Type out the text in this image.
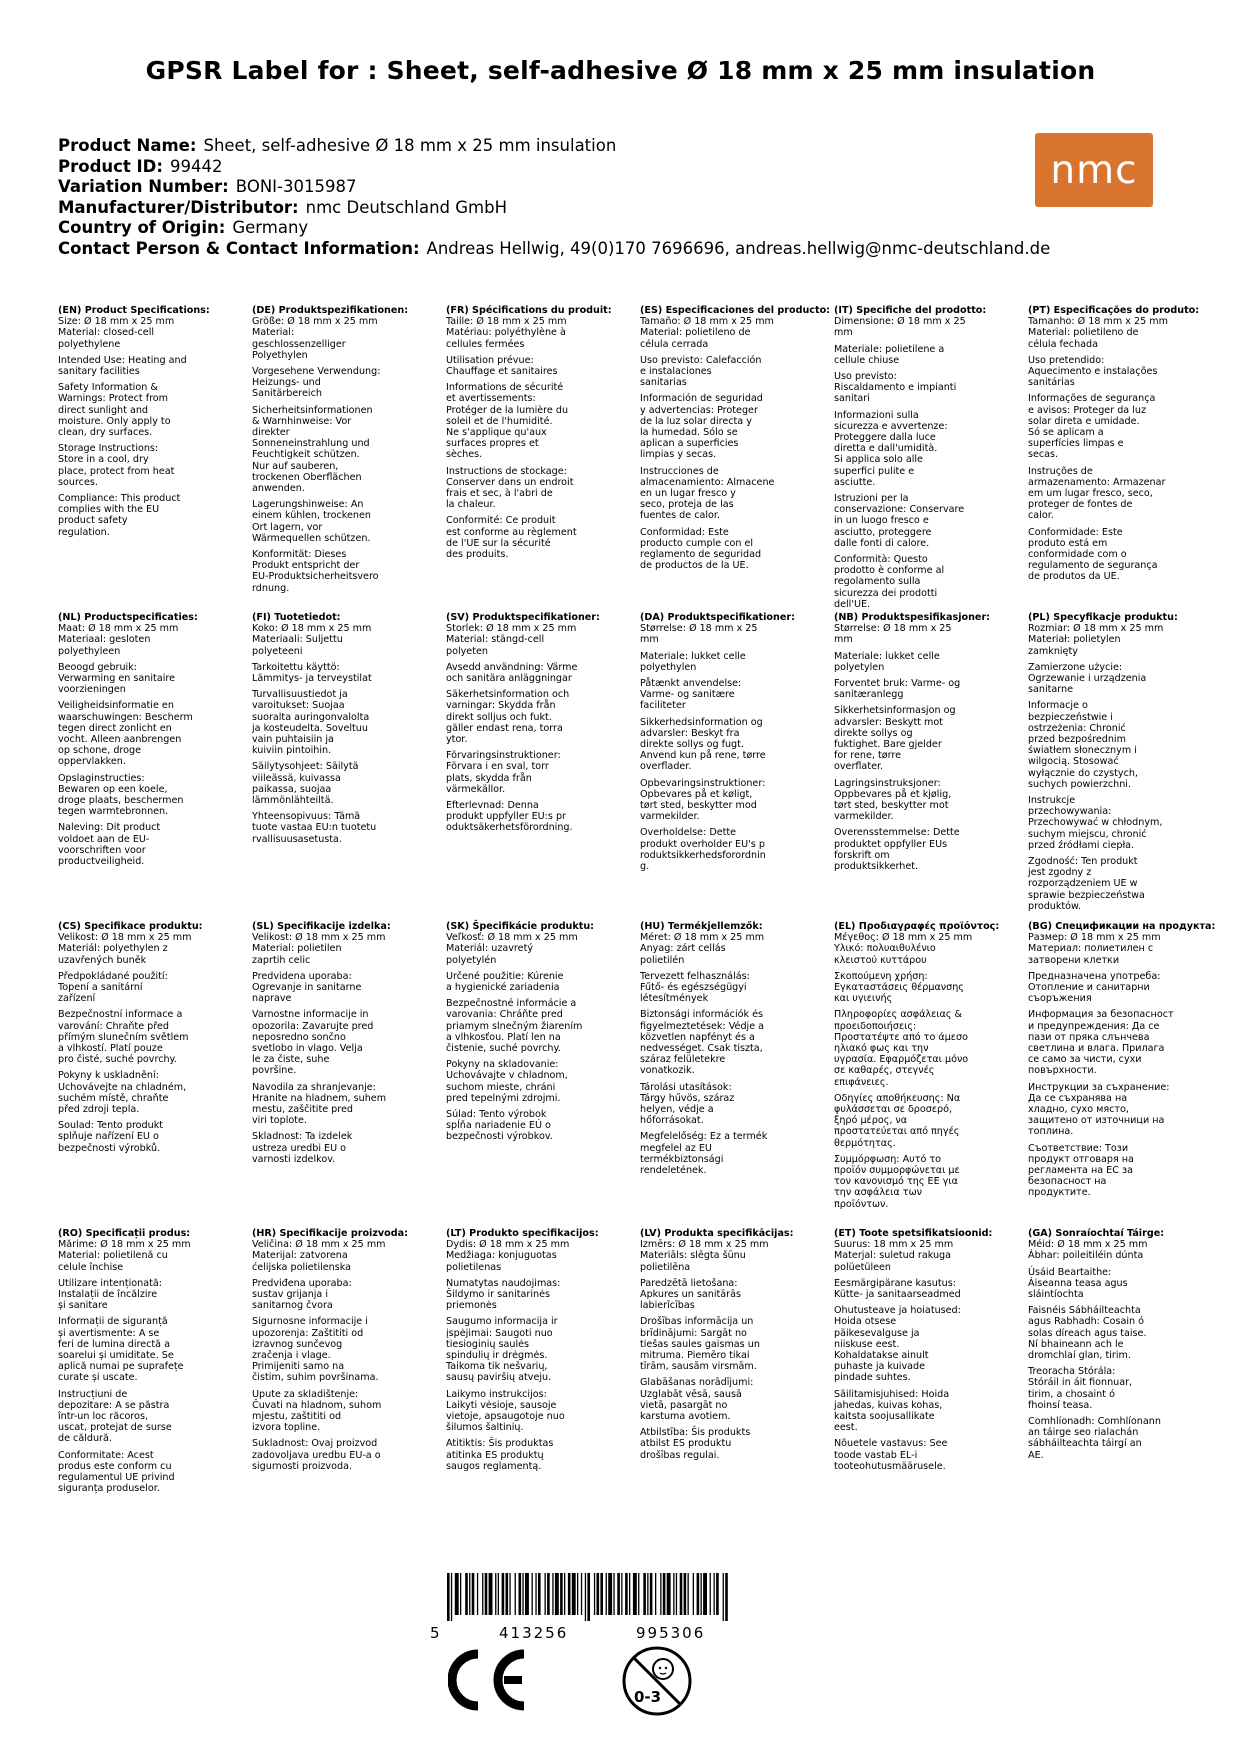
GPSR Label for : Sheet, self-adhesive Ø 18 mm x 25 mm insulation
Product Name: Sheet, self-adhesive Ø 18 mm x 25 mm insulation
Product ID: 99442
Variation Number: BONI-3015987
Manufacturer/Distributor: nmc Deutschland GmbH
Country of Origin: Germany
Contact Person & Contact Information: Andreas Hellwig, 49(0)170 7696696, andreas.hellwig@nmc-deutschland.de
nmc
(EN) Product Specifications:
Size: Ø 18 mm x 25 mm
Material: closed-cell
polyethylene
Intended Use: Heating and
sanitary facilities
Safety Information &
Warnings: Protect from
direct sunlight and
moisture. Only apply to
clean, dry surfaces.
Storage Instructions:
Store in a cool, dry
place, protect from heat
sources.
Compliance: This product
complies with the EU
product safety
regulation.
(DE) Produktspezifikationen:
Größe: Ø 18 mm x 25 mm
Material:
geschlossenzelliger
Polyethylen
Vorgesehene Verwendung:
Heizungs- und
Sanitärbereich
Sicherheitsinformationen
& Warnhinweise: Vor
direkter
Sonneneinstrahlung und
Feuchtigkeit schützen.
Nur auf sauberen,
trockenen Oberflächen
anwenden.
Lagerungshinweise: An
einem kühlen, trockenen
Ort lagern, vor
Wärmequellen schützen.
Konformität: Dieses
Produkt entspricht der
EU-Produktsicherheitsvero
rdnung.
(FR) Spécifications du produit:
Taille: Ø 18 mm x 25 mm
Matériau: polyéthylène à
cellules fermées
Utilisation prévue:
Chauffage et sanitaires
Informations de sécurité
et avertissements:
Protéger de la lumière du
soleil et de l'humidité.
Ne s'applique qu'aux
surfaces propres et
sèches.
Instructions de stockage:
Conserver dans un endroit
frais et sec, à l'abri de
la chaleur.
Conformité: Ce produit
est conforme au règlement
de l'UE sur la sécurité
des produits.
(ES) Especificaciones del producto:
Tamaño: Ø 18 mm x 25 mm
Material: polietileno de
célula cerrada
Uso previsto: Calefacción
e instalaciones
sanitarias
Información de seguridad
y advertencias: Proteger
de la luz solar directa y
la humedad. Sólo se
aplican a superficies
limpias y secas.
Instrucciones de
almacenamiento: Almacene
en un lugar fresco y
seco, proteja de las
fuentes de calor.
Conformidad: Este
producto cumple con el
reglamento de seguridad
de productos de la UE.
(IT) Specifiche del prodotto:
Dimensione: Ø 18 mm x 25
mm
Materiale: polietilene a
cellule chiuse
Uso previsto:
Riscaldamento e impianti
sanitari
Informazioni sulla
sicurezza e avvertenze:
Proteggere dalla luce
diretta e dall'umidità.
Si applica solo alle
superfici pulite e
asciutte.
Istruzioni per la
conservazione: Conservare
in un luogo fresco e
asciutto, proteggere
dalle fonti di calore.
Conformità: Questo
prodotto è conforme al
regolamento sulla
sicurezza dei prodotti
dell'UE.
(PT) Especificações do produto:
Tamanho: Ø 18 mm x 25 mm
Material: polietileno de
célula fechada
Uso pretendido:
Aquecimento e instalações
sanitárias
Informações de segurança
e avisos: Proteger da luz
solar direta e umidade.
Só se aplicam a
superfícies limpas e
secas.
Instruções de
armazenamento: Armazenar
em um lugar fresco, seco,
proteger de fontes de
calor.
Conformidade: Este
produto está em
conformidade com o
regulamento de segurança
de produtos da UE.
(NL) Productspecificaties:
Maat: Ø 18 mm x 25 mm
Materiaal: gesloten
polyethyleen
Beoogd gebruik:
Verwarming en sanitaire
voorzieningen
Veiligheidsinformatie en
waarschuwingen: Bescherm
tegen direct zonlicht en
vocht. Alleen aanbrengen
op schone, droge
oppervlakken.
Opslaginstructies:
Bewaren op een koele,
droge plaats, beschermen
tegen warmtebronnen.
Naleving: Dit product
voldoet aan de EU-
voorschriften voor
productveiligheid.
(FI) Tuotetiedot:
Koko: Ø 18 mm x 25 mm
Materiaali: Suljettu
polyeteeni
Tarkoitettu käyttö:
Lämmitys- ja terveystilat
Turvallisuustiedot ja
varoitukset: Suojaa
suoralta auringonvalolta
ja kosteudelta. Soveltuu
vain puhtaisiin ja
kuiviin pintoihin.
Säilytysohjeet: Säilytä
viileässä, kuivassa
paikassa, suojaa
lämmönlähteiltä.
Yhteensopivuus: Tämä
tuote vastaa EU:n tuotetu
rvallisuusasetusta.
(SV) Produktspecifikationer:
Storlek: Ø 18 mm x 25 mm
Material: stängd-cell
polyeten
Avsedd användning: Värme
och sanitära anläggningar
Säkerhetsinformation och
varningar: Skydda från
direkt solljus och fukt.
gäller endast rena, torra
ytor.
Förvaringsinstruktioner:
Förvara i en sval, torr
plats, skydda från
värmekällor.
Efterlevnad: Denna
produkt uppfyller EU:s pr
oduktsäkerhetsförordning.
(DA) Produktspecifikationer:
Størrelse: Ø 18 mm x 25
mm
Materiale: lukket celle
polyethylen
Påtænkt anvendelse:
Varme- og sanitære
faciliteter
Sikkerhedsinformation og
advarsler: Beskyt fra
direkte sollys og fugt.
Anvend kun på rene, tørre
overflader.
Opbevaringsinstruktioner:
Opbevares på et køligt,
tørt sted, beskytter mod
varmekilder.
Overholdelse: Dette
produkt overholder EU's p
roduktsikkerhedsforordnin
g.
(NB) Produktspesifikasjoner:
Størrelse: Ø 18 mm x 25
mm
Materiale: lukket celle
polyetylen
Forventet bruk: Varme- og
sanitæranlegg
Sikkerhetsinformasjon og
advarsler: Beskytt mot
direkte sollys og
fuktighet. Bare gjelder
for rene, tørre
overflater.
Lagringsinstruksjoner:
Oppbevares på et kjølig,
tørt sted, beskytter mot
varmekilder.
Overensstemmelse: Dette
produktet oppfyller EUs
forskrift om
produktsikkerhet.
(PL) Specyfikacje produktu:
Rozmiar: Ø 18 mm x 25 mm
Materiał: polietylen
zamknięty
Zamierzone użycie:
Ogrzewanie i urządzenia
sanitarne
Informacje o
bezpieczeństwie i
ostrzeżenia: Chronić
przed bezpośrednim
światłem słonecznym i
wilgocią. Stosować
wyłącznie do czystych,
suchych powierzchni.
Instrukcje
przechowywania:
Przechowywać w chłodnym,
suchym miejscu, chronić
przed źródłami ciepła.
Zgodność: Ten produkt
jest zgodny z
rozporządzeniem UE w
sprawie bezpieczeństwa
produktów.
(CS) Specifikace produktu:
Velikost: Ø 18 mm x 25 mm
Materiál: polyethylen z
uzavřených buněk
Předpokládané použití:
Topení a sanitární
zařízení
Bezpečnostní informace a
varování: Chraňte před
přímým slunečním světlem
a vlhkostí. Platí pouze
pro čisté, suché povrchy.
Pokyny k uskladnění:
Uchovávejte na chladném,
suchém místě, chraňte
před zdroji tepla.
Soulad: Tento produkt
splňuje nařízení EU o
bezpečnosti výrobků.
(SL) Specifikacije izdelka:
Velikost: Ø 18 mm x 25 mm
Material: polietilen
zaprtih celic
Predvidena uporaba:
Ogrevanje in sanitarne
naprave
Varnostne informacije in
opozorila: Zavarujte pred
neposredno sončno
svetlobo in vlago. Velja
le za čiste, suhe
površine.
Navodila za shranjevanje:
Hranite na hladnem, suhem
mestu, zaščitite pred
viri toplote.
Skladnost: Ta izdelek
ustreza uredbi EU o
varnosti izdelkov.
(SK) Špecifikácie produktu:
Veľkosť: Ø 18 mm x 25 mm
Materiál: uzavretý
polyetylén
Určené použitie: Kúrenie
a hygienické zariadenia
Bezpečnostné informácie a
varovania: Chráňte pred
priamym slnečným žiarením
a vlhkosťou. Platí len na
čistenie, suché povrchy.
Pokyny na skladovanie:
Uchovávajte v chladnom,
suchom mieste, chráni
pred tepelnými zdrojmi.
Súlad: Tento výrobok
spĺňa nariadenie EÚ o
bezpečnosti výrobkov.
(HU) Termékjellemzők:
Méret: Ø 18 mm x 25 mm
Anyag: zárt cellás
polietilén
Tervezett felhasználás:
Fűtő- és egészségügyi
létesítmények
Biztonsági információk és
figyelmeztetések: Védje a
közvetlen napfényt és a
nedvességet. Csak tiszta,
száraz felületekre
vonatkozik.
Tárolási utasítások:
Tárgy hűvös, száraz
helyen, védje a
hőforrásokat.
Megfelelőség: Ez a termék
megfelel az EU
termékbiztonsági
rendeletének.
(EL) Προδιαγραφές προϊόντος:
Μέγεθος: Ø 18 mm x 25 mm
Υλικό: πολυαιθυλένιο
κλειστού κυττάρου
Σκοπούμενη χρήση:
Εγκαταστάσεις θέρμανσης
και υγιεινής
Πληροφορίες ασφάλειας &
προειδοποιήσεις:
Προστατέψτε από το άμεσο
ηλιακό φως και την
υγρασία. Εφαρμόζεται μόνο
σε καθαρές, στεγνές
επιφάνειες.
Οδηγίες αποθήκευσης: Να
φυλάσσεται σε δροσερό,
ξηρό μέρος, να
προστατεύεται από πηγές
θερμότητας.
Συμμόρφωση: Αυτό το
προϊόν συμμορφώνεται με
τον κανονισμό της ΕΕ για
την ασφάλεια των
προϊόντων.
(BG) Спецификации на продукта:
Размер: Ø 18 mm x 25 mm
Материал: полиетилен с
затворени клетки
Предназначена употреба:
Отопление и санитарни
съоръжения
Информация за безопасност
и предупреждения: Да се
пази от пряка слънчева
светлина и влага. Прилага
се само за чисти, сухи
повърхности.
Инструкции за съхранение:
Да се съхранява на
хладно, сухо място,
защитено от източници на
топлина.
Съответствие: Този
продукт отговаря на
регламента на ЕС за
безопасност на
продуктите.
(RO) Specificații produs:
Mărime: Ø 18 mm x 25 mm
Material: polietilenă cu
celule închise
Utilizare intenționată:
Instalații de încălzire
și sanitare
Informații de siguranță
și avertismente: A se
feri de lumina directă a
soarelui și umiditate. Se
aplică numai pe suprafețe
curate și uscate.
Instrucțiuni de
depozitare: A se păstra
într-un loc răcoros,
uscat, protejat de surse
de căldură.
Conformitate: Acest
produs este conform cu
regulamentul UE privind
siguranța produselor.
(HR) Specifikacije proizvoda:
Veličina: Ø 18 mm x 25 mm
Materijal: zatvorena
ćelijska polietilenska
Predviđena uporaba:
sustav grijanja i
sanitarnog čvora
Sigurnosne informacije i
upozorenja: Zaštititi od
izravnog sunčevog
zračenja i vlage.
Primijeniti samo na
čistim, suhim površinama.
Upute za skladištenje:
Čuvati na hladnom, suhom
mjestu, zaštititi od
izvora topline.
Sukladnost: Ovaj proizvod
zadovoljava uredbu EU-a o
sigurnosti proizvoda.
(LT) Produkto specifikacijos:
Dydis: Ø 18 mm x 25 mm
Medžiaga: konjuguotas
polietilenas
Numatytas naudojimas:
Šildymo ir sanitarinės
priemonės
Saugumo informacija ir
įspėjimai: Saugoti nuo
tiesioginių saulės
spindulių ir drėgmės.
Taikoma tik nešvarių,
sausų paviršių atveju.
Laikymo instrukcijos:
Laikyti vėsioje, sausoje
vietoje, apsaugotoje nuo
šilumos šaltinių.
Atitiktis: Šis produktas
atitinka ES produktų
saugos reglamentą.
(LV) Produkta specifikācijas:
Izmērs: Ø 18 mm x 25 mm
Materiāls: slēgta šūnu
polietilēna
Paredzētā lietošana:
Apkures un sanitārās
labierīcības
Drošības informācija un
brīdinājumi: Sargāt no
tiešas saules gaismas un
mitruma. Piemēro tikai
tīrām, sausām virsmām.
Glabāšanas norādījumi:
Uzglabāt vēsā, sausā
vietā, pasargāt no
karstuma avotiem.
Atbilstība: Šis produkts
atbilst ES produktu
drošības regulai.
(ET) Toote spetsifikatsioonid:
Suurus: 18 mm x 25 mm
Materjal: suletud rakuga
polüetüleen
Eesmärgipärane kasutus:
Kütte- ja sanitaarseadmed
Ohutusteave ja hoiatused:
Hoida otsese
päikesevalguse ja
niiskuse eest.
Kohaldatakse ainult
puhaste ja kuivade
pindade suhtes.
Säilitamisjuhised: Hoida
jahedas, kuivas kohas,
kaitsta soojusallikate
eest.
Nõuetele vastavus: See
toode vastab EL-i
tooteohutusmäärusele.
(GA) Sonraíochtaí Táirge:
Méid: Ø 18 mm x 25 mm
Ábhar: poileitiléin dúnta
Úsáid Beartaithe:
Áiseanna teasa agus
sláintíochta
Faisnéis Sábháilteachta
agus Rabhadh: Cosain ó
solas díreach agus taise.
Ní bhaineann ach le
dromchlaí glan, tirim.
Treoracha Stórála:
Stóráil in áit fionnuar,
tirim, a chosaint ó
fhoinsí teasa.
Comhlíonadh: Comhlíonann
an táirge seo rialachán
sábháilteachta táirgí an
AE.
5	413256	995306
0-3
